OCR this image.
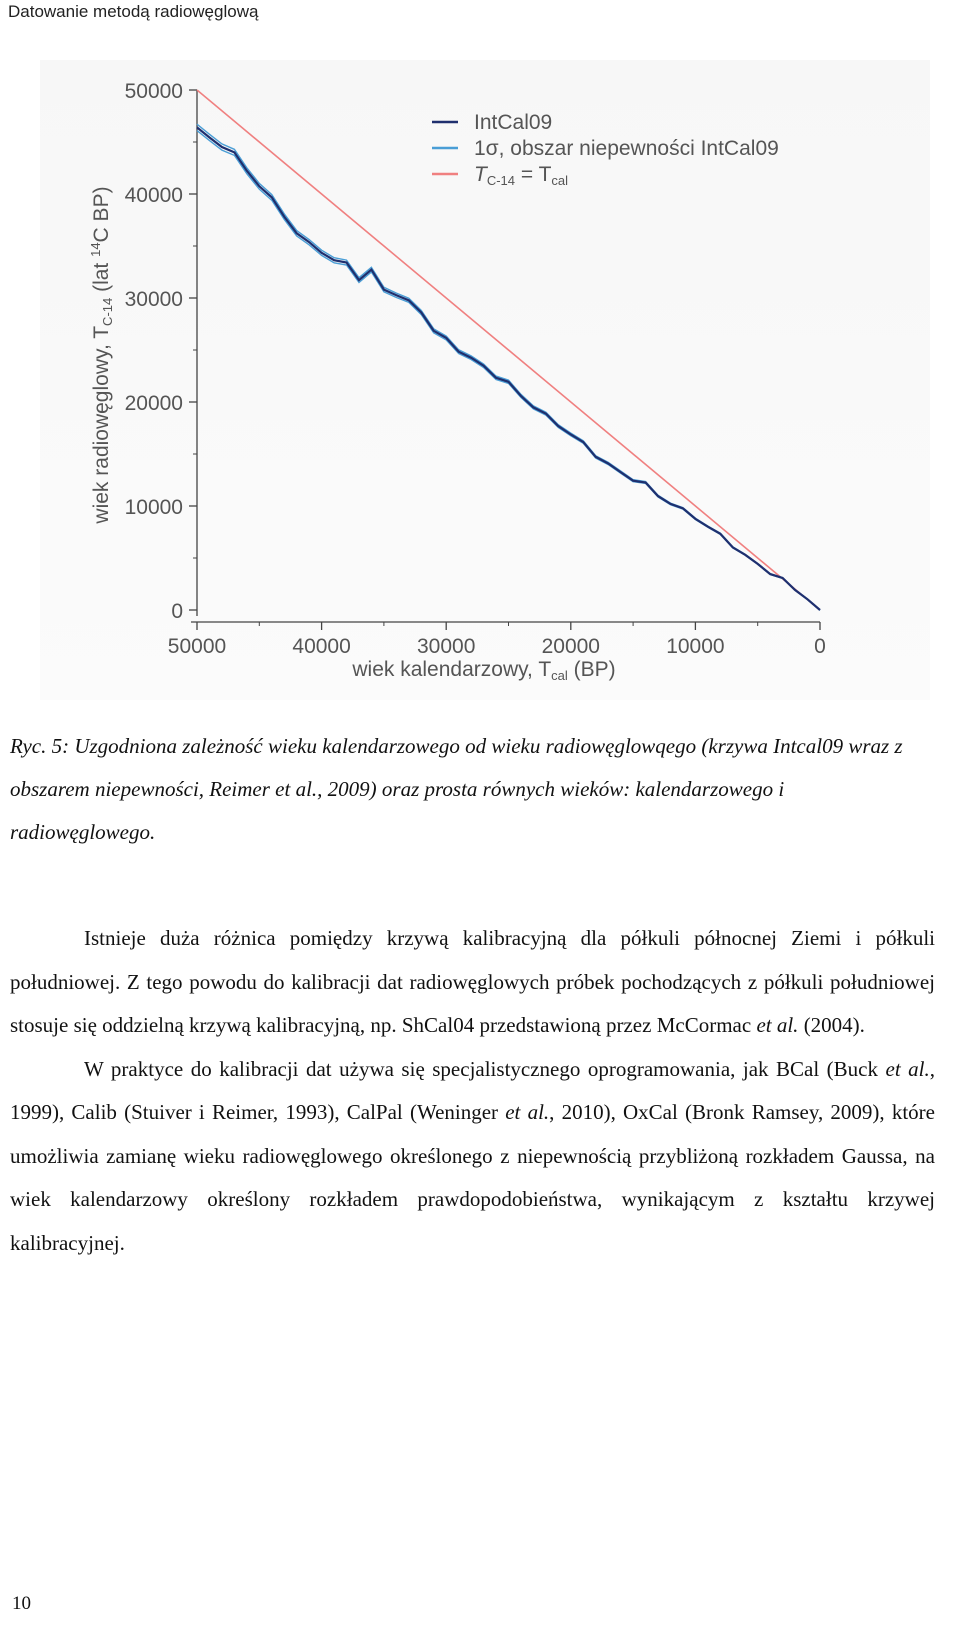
Datowanie metodą radiowęglową
0
10000
20000
30000
40000
50000
50000	40000	30000	20000	10000	0
IntCal09
1σ, obszar niepewności IntCal09
TC-14 = Tcal
wiek kalendarzowy, Tcal (BP)
wiek radiowęglowy, TC-14 (lat $^{14}$C BP)
Ryc. 5: Uzgodniona zależność wieku kalendarzowego od wieku radiowęglowqego (krzywa Intcal09 wraz z obszarem niepewności, Reimer et al., 2009) oraz prosta równych wieków: kalendarzowego i radiowęglowego.

Istnieje duża różnica pomiędzy krzywą kalibracyjną dla półkuli północnej Ziemi i półkuli południowej. Z tego powodu do kalibracji dat radiowęglowych próbek pochodzących z półkuli południowej stosuje się oddzielną krzywą kalibracyjną, np. ShCal04 przedstawioną przez McCormac et al. (2004).

W praktyce do kalibracji dat używa się specjalistycznego oprogramowania, jak BCal (Buck et al., 1999), Calib (Stuiver i Reimer, 1993), CalPal (Weninger et al., 2010), OxCal (Bronk Ramsey, 2009), które umożliwia zamianę wieku radiowęglowego określonego z niepewnością przybliżoną rozkładem Gaussa, na wiek kalendarzowy określony rozkładem prawdopodobieństwa, wynikającym z kształtu krzywej kalibracyjnej.

10
